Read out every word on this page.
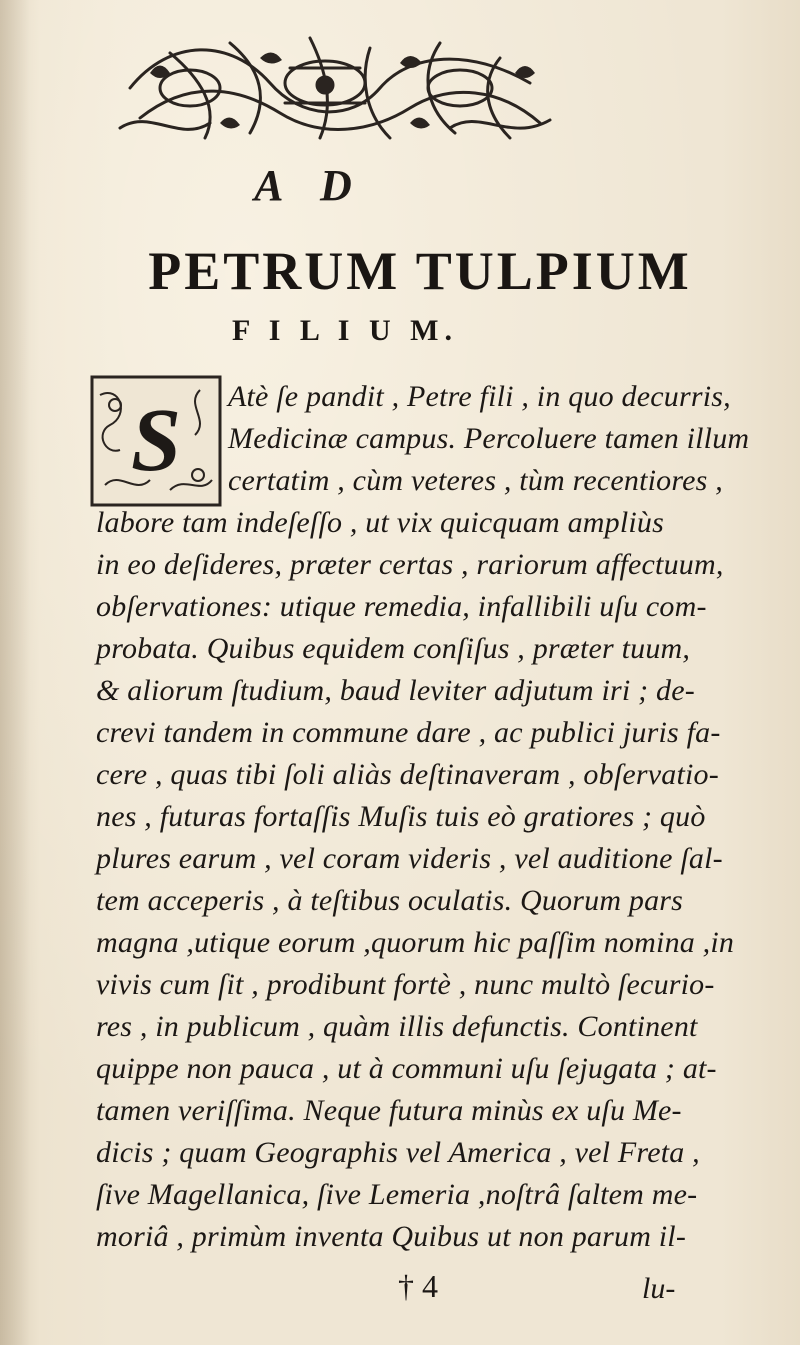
A D
PETRUM TULPIUM
F I L I U M.
S Atè ſe pandit , Petre fili , in quo decurris,
Medicinæ campus. Percoluere tamen illum
certatim , cùm veteres , tùm recentiores ,
labore tam indeſeſſo , ut vix quicquam ampliùs
in eo deſideres, prӕter certas , rariorum affectuum,
obſervationes: utique remedia, infallibili uſu com-
probata. Quibus equidem conſiſus , prӕter tuum,
& aliorum ſtudium, baud leviter adjutum iri ; de-
crevi tandem in commune dare , ac publici juris fa-
cere , quas tibi ſoli aliàs deſtinaveram , obſervatio-
nes , futuras fortaſſis Muſis tuis eò gratiores ; quò
plures earum , vel coram videris , vel auditione ſal-
tem acceperis , à teſtibus oculatis. Quorum pars
magna ,utique eorum ,quorum hic paſſim nomina ,in
vivis cum ſit , prodibunt fortè , nunc multò ſecurio-
res , in publicum , quàm illis defunctis. Continent
quippe non pauca , ut à communi uſu ſejugata ; at-
tamen veriſſima. Neque futura minùs ex uſu Me-
dicis ; quam Geographis vel America , vel Freta ,
ſive Magellanica, ſive Lemeria ,noſtrâ ſaltem me-
moriâ , primùm inventa Quibus ut non parum il-
† 4	lu-
